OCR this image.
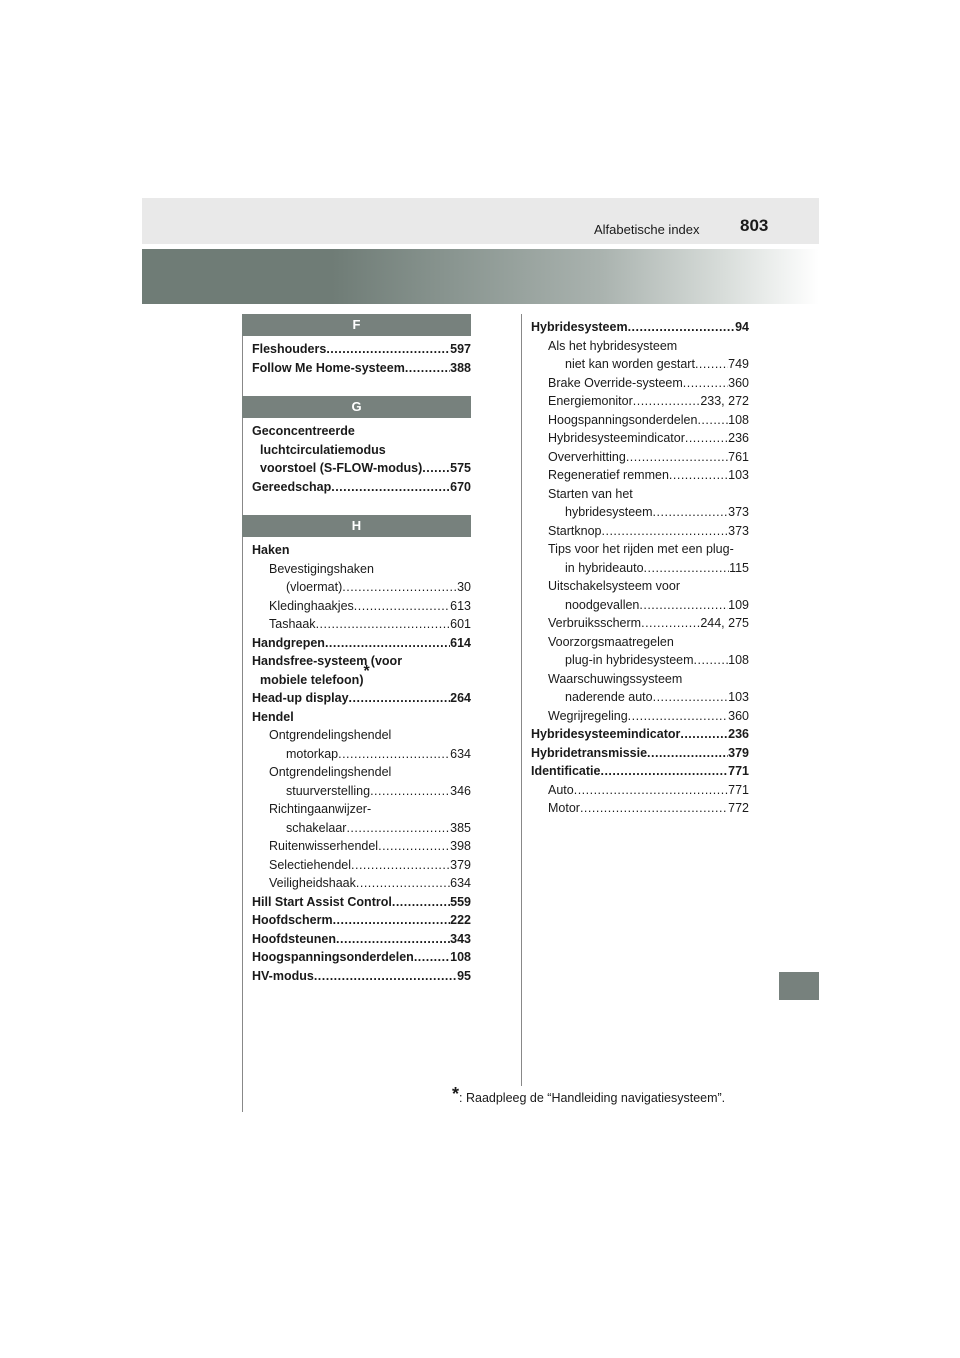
Alfabetische index 803
F
G
H
Fleshouders .....	597
Follow Me Home-systeem .....	388
Geconcentreerde
luchtcirculatiemodus
voorstoel (S-FLOW-modus) ..... 575
Gereedschap .....	670
Haken
Bevestigingshaken
(vloermat) .....	30
Kledinghaakjes .....	613
Tashaak .....	601
Handgrepen .....	614
Handsfree-systeem (voor
mobiele telefoon)*
Head-up display .....	264
Hendel
Ontgrendelingshendel
motorkap .....	634
Ontgrendelingshendel
stuurverstelling .....	346
Richtingaanwijzer-
schakelaar .....	385
Ruitenwisserhendel .....	398
Selectiehendel .....	379
Veiligheidshaak .....	634
Hill Start Assist Control .....	559
Hoofdscherm .....	222
Hoofdsteunen .....	343
Hoogspanningsonderdelen .....	108
HV-modus .....	95
Hybridesysteem .....	94
Als het hybridesysteem
niet kan worden gestart .....	749
Brake Override-systeem .....	360
Energiemonitor .....	233, 272
Hoogspanningsonderdelen ..... 108
Hybridesysteemindicator .....	236
Oververhitting .....	761
Regeneratief remmen .....	103
Starten van het
hybridesysteem .....	373
Startknop .....	373
Tips voor het rijden met een plug-
in hybrideauto .....	115
Uitschakelsysteem voor
noodgevallen .....	109
Verbruiksscherm .....	244, 275
Voorzorgsmaatregelen
plug-in hybridesysteem .....	108
Waarschuwingssysteem
naderende auto .....	103
Wegrijregeling .....	360
Hybridesysteemindicator .....	236
Hybridetransmissie .....	379
Identificatie .....	771
Auto .....	771
Motor .....	772
*: Raadpleeg de “Handleiding navigatiesysteem”.
